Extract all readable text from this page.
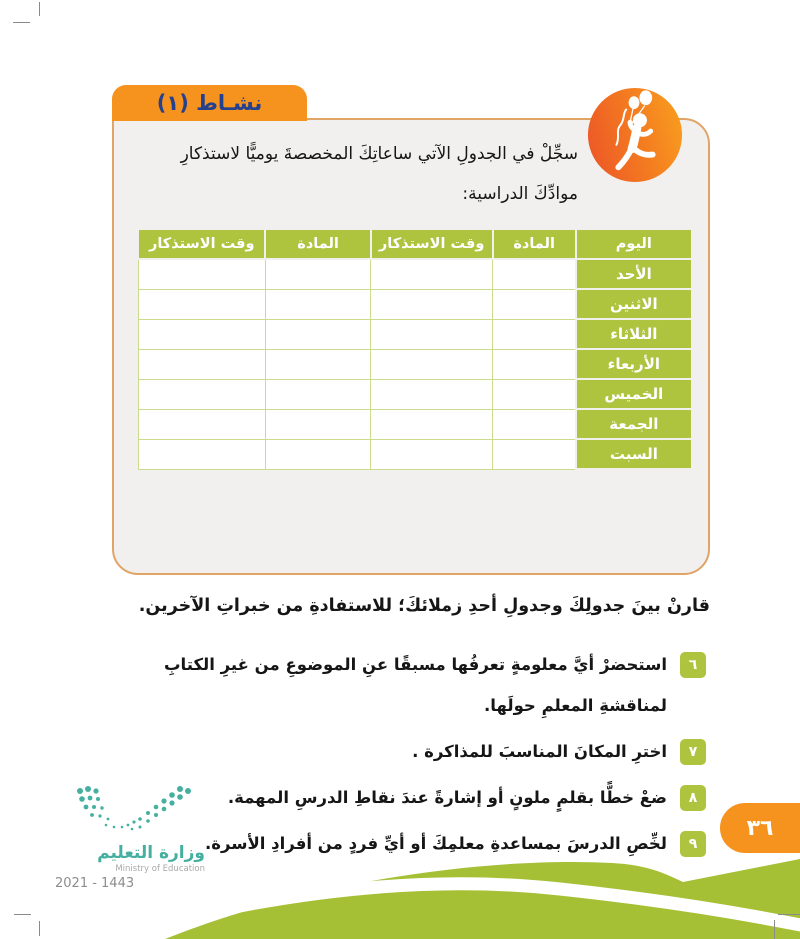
نشـاط (١)

سجِّلْ في الجدولِ الآتي ساعاتِكَ المخصصةَ يوميًّا لاستذكارِ موادِّكَ الدراسية:

اليوم	المادة	وقت الاستذكار	المادة	وقت الاستذكار
الأحد				
الاثنين				
الثلاثاء				
الأربعاء				
الخميس				
الجمعة				
السبت				

قارنْ بينَ جدولِكَ وجدولِ أحدِ زملائكَ؛ للاستفادةِ من خبراتِ الآخرين.

٦
استحضرْ أيَّ معلومةٍ تعرفُها مسبقًا عنِ الموضوعِ من غيرِ الكتابِ لمناقشةِ المعلمِ حولَها.
٧
اخترِ المكانَ المناسبَ للمذاكرة .
٨
ضعْ خطًّا بقلمٍ ملونٍ أو إشارةً عندَ نقاطِ الدرسِ المهمة.
٩
لخِّصِ الدرسَ بمساعدةِ معلمِكَ أو أيِّ فردٍ من أفرادِ الأسرة.
وزارة التعليم
Ministry of Education
2021 - 1443
٣٦
